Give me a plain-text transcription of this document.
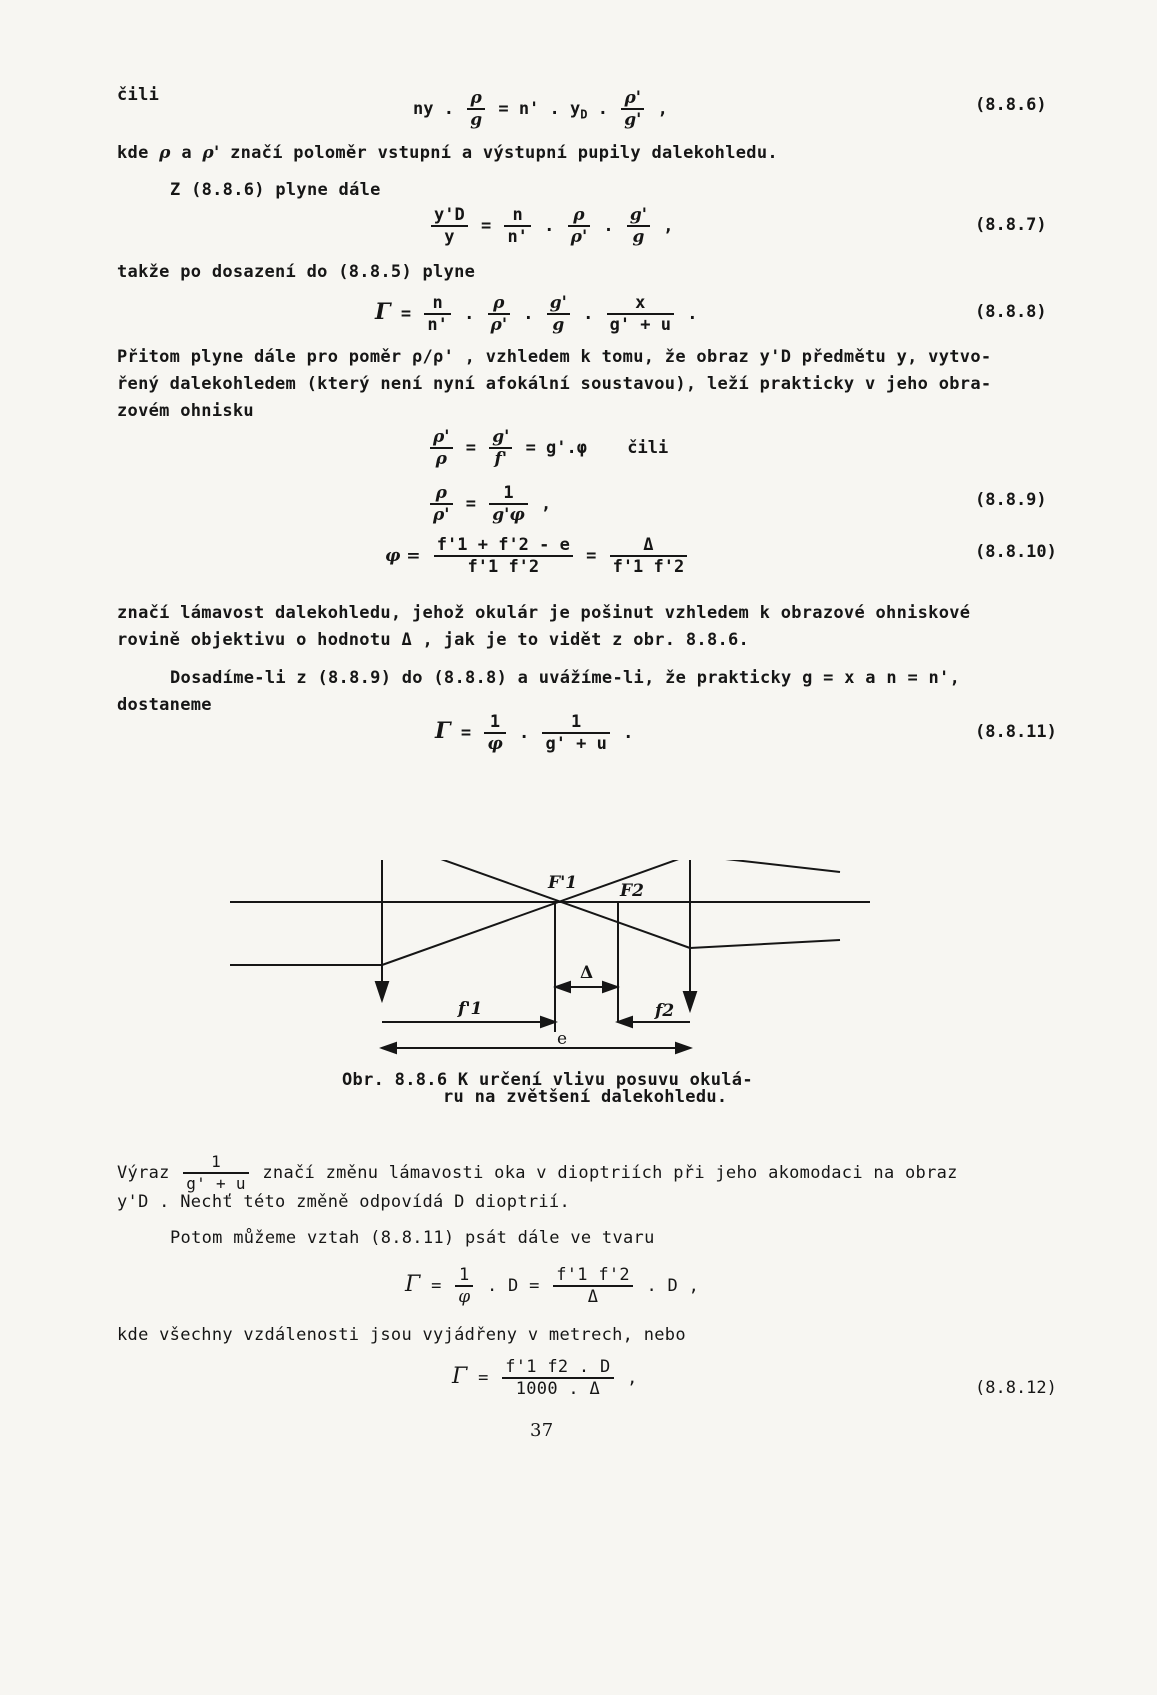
čili
ny . $\frac{\rho}{g} = n'$ . $y_D$ . $\frac{\rho'}{g'}$ ,	(8.8.6)
kde ρ a ρ' značí poloměr vstupní a výstupní pupily dalekohledu.
Z (8.8.6) plyne dále
$\frac{y'D}{y} = \frac{n}{n'}$ . $\frac{\rho}{\rho'}$ . $\frac{g'}{g}$ ,	(8.8.7)
takže po dosazení do (8.8.5) plyne
$\Gamma = \frac{n}{n'}$ . $\frac{\rho}{\rho'}$ . $\frac{g'}{g}$ . $\frac{x}{g' + u}$ .	(8.8.8)
Přitom plyne dále pro poměr ρ/ρ' , vzhledem k tomu, že obraz y'D předmětu y, vytvo-
řený dalekohledem (který není nyní afokální soustavou), leží prakticky v jeho obra-
zovém ohnisku
$\frac{\rho'}{\rho} = \frac{g'}{f'} = g'.\varphi$ čili
$\frac{\rho}{\rho'} = \frac{1}{g'\varphi}$ ,	(8.8.9)
$\varphi = \frac{f'1 + f'2 - e}{f'1 f'2} = \frac{\Delta}{f'1 f'2}$	(8.8.10)
značí lámavost dalekohledu, jehož okulár je pošinut vzhledem k obrazové ohniskové
rovině objektivu o hodnotu Δ , jak je to vidět z obr. 8.8.6.
Dosadíme-li z (8.8.9) do (8.8.8) a uvážíme-li, že prakticky g = x a n = n',
dostaneme
$\Gamma = \frac{1}{\varphi}$ . $\frac{1}{g' + u}$ .	(8.8.11)
F'1	F2
Δ
f'1	f2
e
Obr. 8.8.6 K určení vlivu posuvu okulá-
ru na zvětšení dalekohledu.
Výraz $\frac{1}{g' + u}$ značí změnu lámavosti oka v dioptriích při jeho akomodaci na obraz
y'D . Nechť této změně odpovídá D dioptrií.
Potom můžeme vztah (8.8.11) psát dále ve tvaru
$\Gamma = \frac{1}{\varphi}$ . $D = \frac{f'1 f'2}{\Delta}$ . D ,
kde všechny vzdálenosti jsou vyjádřeny v metrech, nebo
$\Gamma = \frac{f'1 f2 . D}{1000 . \Delta}$ ,	(8.8.12)
37
